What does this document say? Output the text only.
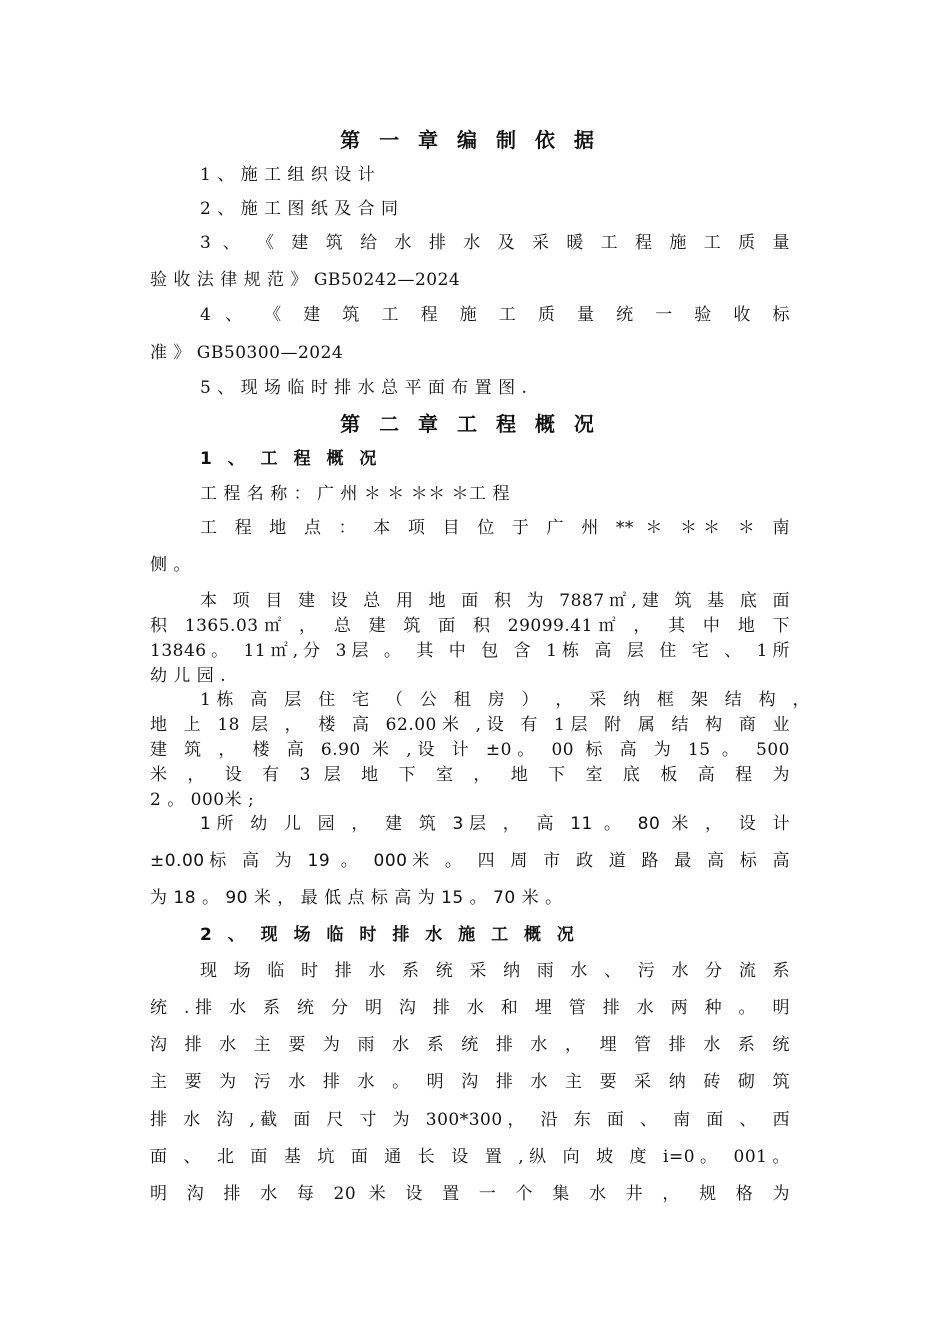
第 一 章 编 制 依 据
1 、 施 工 组 织 设 计
2 、 施 工 图 纸 及 合 同
3 、 《 建 筑 给 水 排 水 及 采 暖 工 程 施 工 质 量
验 收 法 律 规 范 》 GB50242—2024
4 、 《 建 筑 工 程 施 工 质 量 统 一 验 收 标
准 》 GB50300—2024
5 、 现 场 临 时 排 水 总 平 面 布 置 图 .
第 二 章 工 程 概 况
1 、 工 程 概 况
工 程 名 称 ： 广 州 ＊ ＊ ＊＊ ＊工 程
工 程 地 点 ： 本 项 目 位 于 广 州 ** ＊ ＊＊ ＊ 南
侧 。
本 项 目 建 设 总 用 地 面 积 为 7887㎡,建 筑 基 底 面
积 1365.03㎡ ， 总 建 筑 面 积 29099.41㎡ ， 其 中 地 下
13846。 11㎡,分 3层 。 其 中 包 含 1栋 高 层 住 宅 、 1所
幼 儿 园 .
1栋 高 层 住 宅 （ 公 租 房 ） ， 采 纳 框 架 结 构 ，
地 上 18 层 ， 楼 高 62.00米 ,设 有 1层 附 属 结 构 商 业
建 筑 ， 楼 高 6.90 米 ,设 计 ±0。 00 标 高 为 15 。 500
米 ， 设 有 3 层 地 下 室 ， 地 下 室 底 板 高 程 为
2 。 000米 ;
1所 幼 儿 园 ， 建 筑 3层 ， 高 11 。 80 米 ， 设 计
±0.00标 高 为 19 。 000米 。 四 周 市 政 道 路 最 高 标 高
为 18 。 90 米 ， 最 低 点 标 高 为 15 。 70 米 。
2 、 现 场 临 时 排 水 施 工 概 况
现 场 临 时 排 水 系 统 采 纳 雨 水 、 污 水 分 流 系
统 .排 水 系 统 分 明 沟 排 水 和 埋 管 排 水 两 种 。 明
沟 排 水 主 要 为 雨 水 系 统 排 水 ， 埋 管 排 水 系 统
主 要 为 污 水 排 水 。 明 沟 排 水 主 要 采 纳 砖 砌 筑
排 水 沟 ,截 面 尺 寸 为 300*300， 沿 东 面 、 南 面 、 西
面 、 北 面 基 坑 面 通 长 设 置 ,纵 向 坡 度 i=0。 001。
明 沟 排 水 每 20 米 设 置 一 个 集 水 井 ， 规 格 为
